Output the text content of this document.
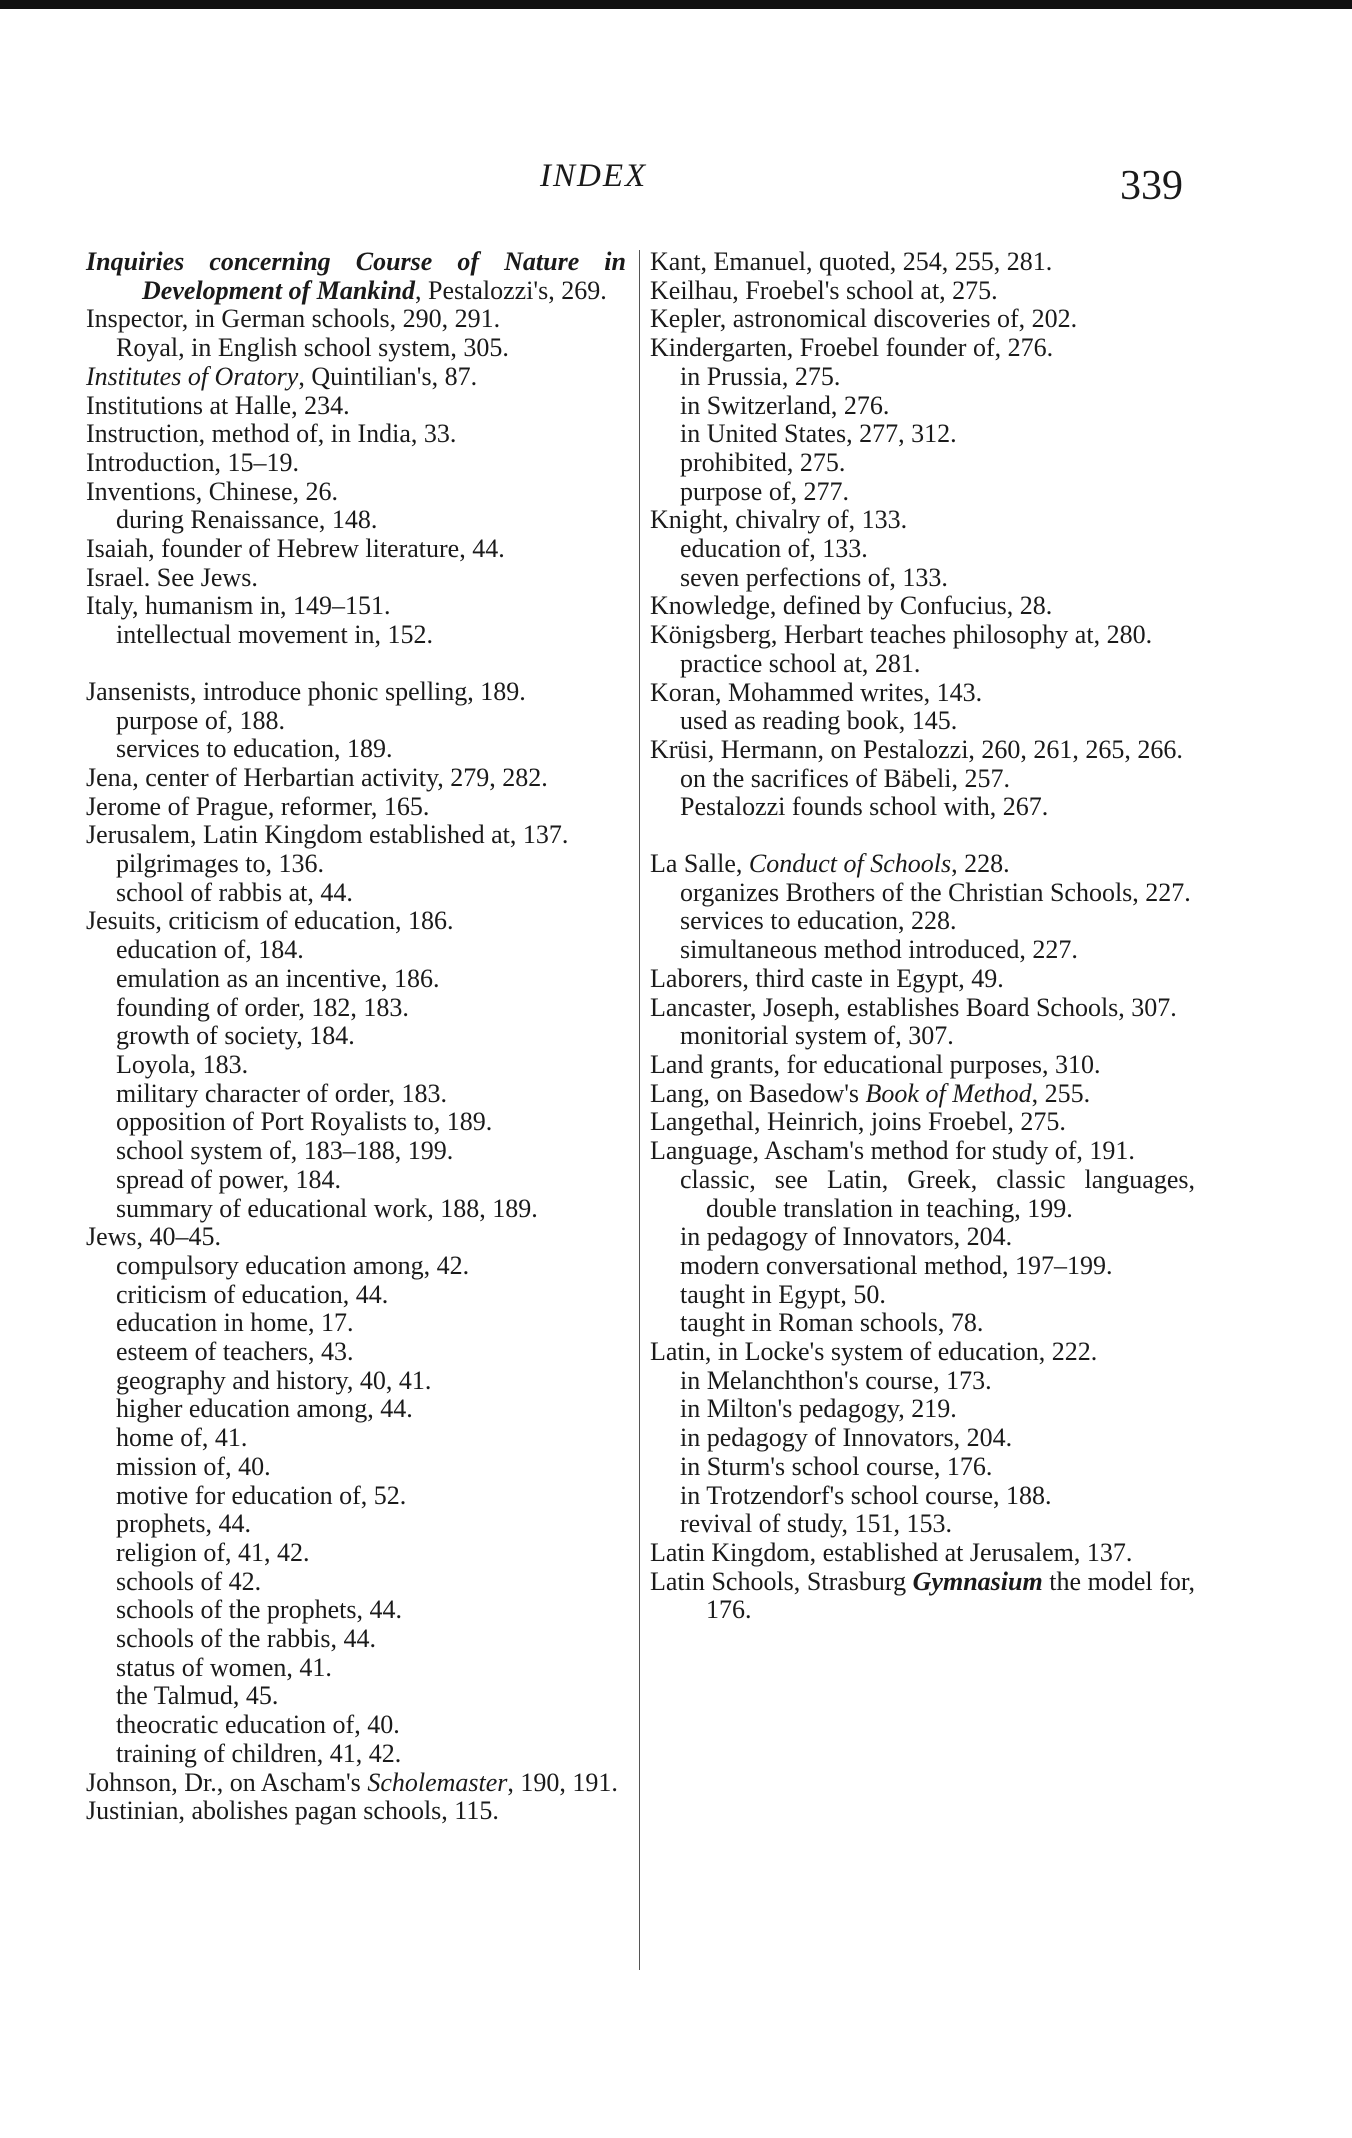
INDEX	339

Inquiries concerning Course of Nature in Development of Mankind, Pestalozzi's, 269.

Inspector, in German schools, 290, 291.

Royal, in English school system, 305.

Institutes of Oratory, Quintilian's, 87.

Institutions at Halle, 234.

Instruction, method of, in India, 33.

Introduction, 15–19.

Inventions, Chinese, 26.

during Renaissance, 148.

Isaiah, founder of Hebrew literature, 44.

Israel. See Jews.

Italy, humanism in, 149–151.

intellectual movement in, 152.

Jansenists, introduce phonic spelling, 189.

purpose of, 188.

services to education, 189.

Jena, center of Herbartian activity, 279, 282.

Jerome of Prague, reformer, 165.

Jerusalem, Latin Kingdom established at, 137.

pilgrimages to, 136.

school of rabbis at, 44.

Jesuits, criticism of education, 186.

education of, 184.

emulation as an incentive, 186.

founding of order, 182, 183.

growth of society, 184.

Loyola, 183.

military character of order, 183.

opposition of Port Royalists to, 189.

school system of, 183–188, 199.

spread of power, 184.

summary of educational work, 188, 189.

Jews, 40–45.

compulsory education among, 42.

criticism of education, 44.

education in home, 17.

esteem of teachers, 43.

geography and history, 40, 41.

higher education among, 44.

home of, 41.

mission of, 40.

motive for education of, 52.

prophets, 44.

religion of, 41, 42.

schools of 42.

schools of the prophets, 44.

schools of the rabbis, 44.

status of women, 41.

the Talmud, 45.

theocratic education of, 40.

training of children, 41, 42.

Johnson, Dr., on Ascham's Scholemaster, 190, 191.

Justinian, abolishes pagan schools, 115.

Kant, Emanuel, quoted, 254, 255, 281.

Keilhau, Froebel's school at, 275.

Kepler, astronomical discoveries of, 202.

Kindergarten, Froebel founder of, 276.

in Prussia, 275.

in Switzerland, 276.

in United States, 277, 312.

prohibited, 275.

purpose of, 277.

Knight, chivalry of, 133.

education of, 133.

seven perfections of, 133.

Knowledge, defined by Confucius, 28.

Königsberg, Herbart teaches philosophy at, 280.

practice school at, 281.

Koran, Mohammed writes, 143.

used as reading book, 145.

Krüsi, Hermann, on Pestalozzi, 260, 261, 265, 266.

on the sacrifices of Bäbeli, 257.

Pestalozzi founds school with, 267.

La Salle, Conduct of Schools, 228.

organizes Brothers of the Christian Schools, 227.

services to education, 228.

simultaneous method introduced, 227.

Laborers, third caste in Egypt, 49.

Lancaster, Joseph, establishes Board Schools, 307.

monitorial system of, 307.

Land grants, for educational purposes, 310.

Lang, on Basedow's Book of Method, 255.

Langethal, Heinrich, joins Froebel, 275.

Language, Ascham's method for study of, 191.

classic, see Latin, Greek, classic languages, double translation in teaching, 199.

in pedagogy of Innovators, 204.

modern conversational method, 197–199.

taught in Egypt, 50.

taught in Roman schools, 78.

Latin, in Locke's system of education, 222.

in Melanchthon's course, 173.

in Milton's pedagogy, 219.

in pedagogy of Innovators, 204.

in Sturm's school course, 176.

in Trotzendorf's school course, 188.

revival of study, 151, 153.

Latin Kingdom, established at Jerusalem, 137.

Latin Schools, Strasburg Gymnasium the model for, 176.
